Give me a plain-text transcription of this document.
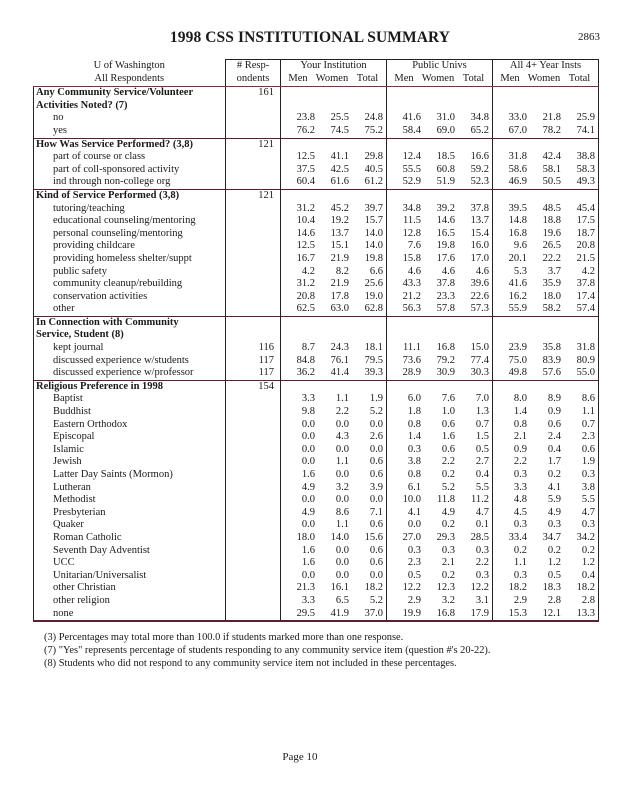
1998 CSS INSTITUTIONAL SUMMARY	2863
U of Washington	# Resp-	Your Institution			Public Univs			All 4+ Year Insts		
All Respondents	ondents	Men	Women	Total	Men	Women	Total	Men	Women	Total
Any Community Service/Volunteer	161									
Activities Noted? (7)										
no		23.8	25.5	24.8	41.6	31.0	34.8	33.0	21.8	25.9
yes		76.2	74.5	75.2	58.4	69.0	65.2	67.0	78.2	74.1
How Was Service Performed? (3,8)	121									
part of course or class		12.5	41.1	29.8	12.4	18.5	16.6	31.8	42.4	38.8
part of coll-sponsored activity		37.5	42.5	40.5	55.5	60.8	59.2	58.6	58.1	58.3
ind through non-college org		60.4	61.6	61.2	52.9	51.9	52.3	46.9	50.5	49.3
Kind of Service Performed (3,8)	121									
tutoring/teaching		31.2	45.2	39.7	34.8	39.2	37.8	39.5	48.5	45.4
educational counseling/mentoring		10.4	19.2	15.7	11.5	14.6	13.7	14.8	18.8	17.5
personal counseling/mentoring		14.6	13.7	14.0	12.8	16.5	15.4	16.8	19.6	18.7
providing childcare		12.5	15.1	14.0	7.6	19.8	16.0	9.6	26.5	20.8
providing homeless shelter/suppt		16.7	21.9	19.8	15.8	17.6	17.0	20.1	22.2	21.5
public safety		4.2	8.2	6.6	4.6	4.6	4.6	5.3	3.7	4.2
community cleanup/rebuilding		31.2	21.9	25.6	43.3	37.8	39.6	41.6	35.9	37.8
conservation activities		20.8	17.8	19.0	21.2	23.3	22.6	16.2	18.0	17.4
other		62.5	63.0	62.8	56.3	57.8	57.3	55.9	58.2	57.4
In Connection with Community										
Service, Student (8)										
kept journal	116	8.7	24.3	18.1	11.1	16.8	15.0	23.9	35.8	31.8
discussed experience w/students	117	84.8	76.1	79.5	73.6	79.2	77.4	75.0	83.9	80.9
discussed experience w/professor	117	36.2	41.4	39.3	28.9	30.9	30.3	49.8	57.6	55.0
Religious Preference in 1998	154									
Baptist		3.3	1.1	1.9	6.0	7.6	7.0	8.0	8.9	8.6
Buddhist		9.8	2.2	5.2	1.8	1.0	1.3	1.4	0.9	1.1
Eastern Orthodox		0.0	0.0	0.0	0.8	0.6	0.7	0.8	0.6	0.7
Episcopal		0.0	4.3	2.6	1.4	1.6	1.5	2.1	2.4	2.3
Islamic		0.0	0.0	0.0	0.3	0.6	0.5	0.9	0.4	0.6
Jewish		0.0	1.1	0.6	3.8	2.2	2.7	2.2	1.7	1.9
Latter Day Saints (Mormon)		1.6	0.0	0.6	0.8	0.2	0.4	0.3	0.2	0.3
Lutheran		4.9	3.2	3.9	6.1	5.2	5.5	3.3	4.1	3.8
Methodist		0.0	0.0	0.0	10.0	11.8	11.2	4.8	5.9	5.5
Presbyterian		4.9	8.6	7.1	4.1	4.9	4.7	4.5	4.9	4.7
Quaker		0.0	1.1	0.6	0.0	0.2	0.1	0.3	0.3	0.3
Roman Catholic		18.0	14.0	15.6	27.0	29.3	28.5	33.4	34.7	34.2
Seventh Day Adventist		1.6	0.0	0.6	0.3	0.3	0.3	0.2	0.2	0.2
UCC		1.6	0.0	0.6	2.3	2.1	2.2	1.1	1.2	1.2
Unitarian/Universalist		0.0	0.0	0.0	0.5	0.2	0.3	0.3	0.5	0.4
other Christian		21.3	16.1	18.2	12.2	12.3	12.2	18.2	18.3	18.2
other religion		3.3	6.5	5.2	2.9	3.2	3.1	2.9	2.8	2.8
none		29.5	41.9	37.0	19.9	16.8	17.9	15.3	12.1	13.3
(3) Percentages may total more than 100.0 if students marked more than one response.
(7) "Yes" represents percentage of students responding to any community service item (question #'s 20-22).
(8) Students who did not respond to any community service item not included in these percentages.
Page 10
